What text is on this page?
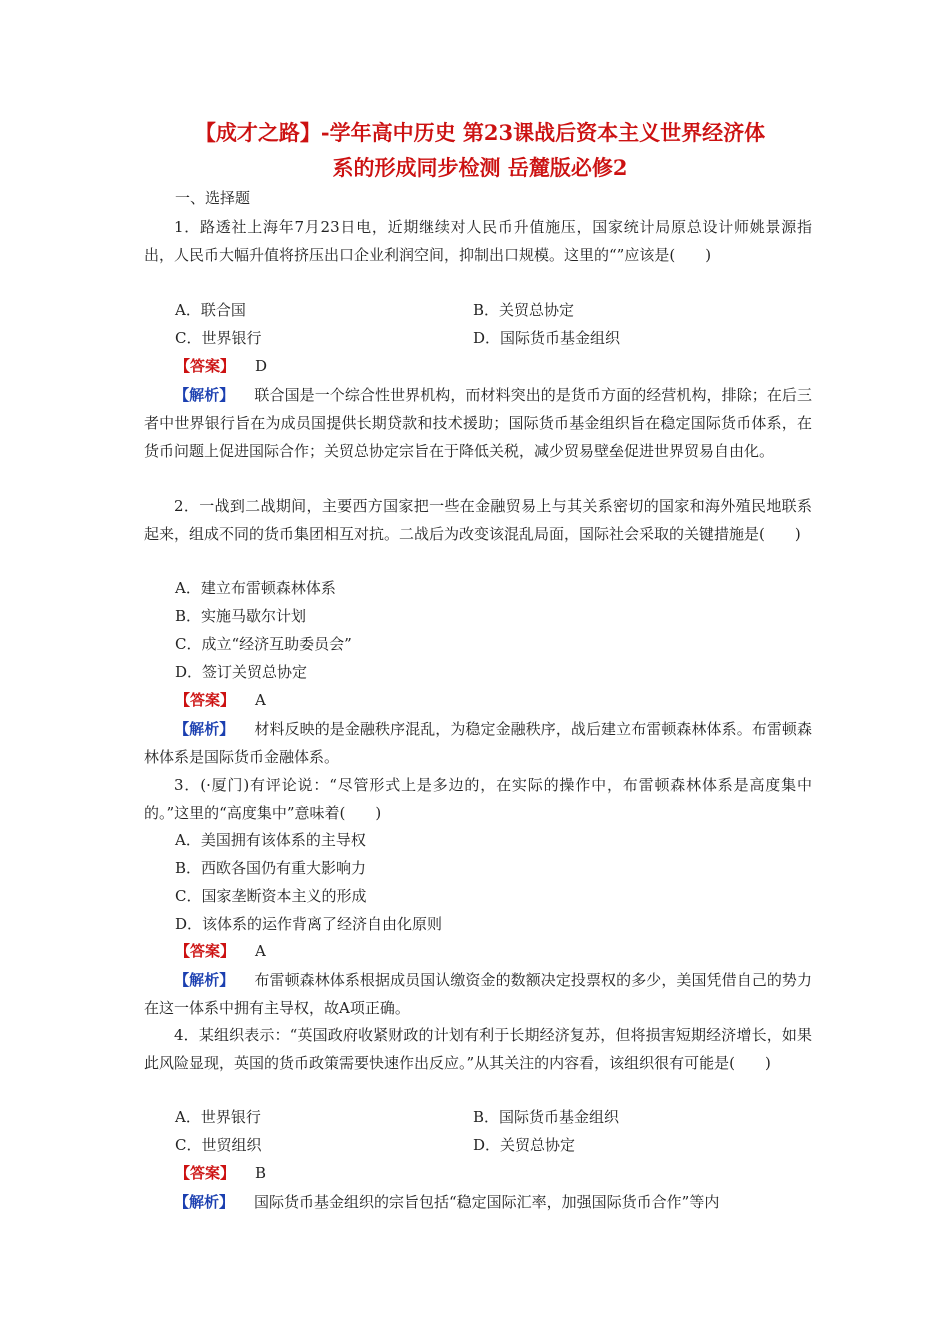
【成才之路】-学年高中历史 第23课战后资本主义世界经济体
系的形成同步检测 岳麓版必修2
一、选择题
1．路透社上海年7月23日电，近期继续对人民币升值施压，国家统计局原总设计师姚景源指出，人民币大幅升值将挤压出口企业利润空间，抑制出口规模。这里的“”应该是(　　)
A．联合国	B．关贸总协定
C．世界银行	D．国际货币基金组织
【答案】 D
【解析】 联合国是一个综合性世界机构，而材料突出的是货币方面的经营机构，排除；在后三者中世界银行旨在为成员国提供长期贷款和技术援助；国际货币基金组织旨在稳定国际货币体系，在货币问题上促进国际合作；关贸总协定宗旨在于降低关税，减少贸易壁垒促进世界贸易自由化。
2．一战到二战期间，主要西方国家把一些在金融贸易上与其关系密切的国家和海外殖民地联系起来，组成不同的货币集团相互对抗。二战后为改变该混乱局面，国际社会采取的关键措施是(　　)
A．建立布雷顿森林体系
B．实施马歇尔计划
C．成立“经济互助委员会”
D．签订关贸总协定
【答案】 A
【解析】 材料反映的是金融秩序混乱，为稳定金融秩序，战后建立布雷顿森林体系。布雷顿森林体系是国际货币金融体系。
3．(·厦门)有评论说：“尽管形式上是多边的，在实际的操作中，布雷顿森林体系是高度集中的。”这里的“高度集中”意味着(　　)
A．美国拥有该体系的主导权
B．西欧各国仍有重大影响力
C．国家垄断资本主义的形成
D．该体系的运作背离了经济自由化原则
【答案】 A
【解析】 布雷顿森林体系根据成员国认缴资金的数额决定投票权的多少，美国凭借自己的势力在这一体系中拥有主导权，故A项正确。
4．某组织表示：“英国政府收紧财政的计划有利于长期经济复苏，但将损害短期经济增长，如果此风险显现，英国的货币政策需要快速作出反应。”从其关注的内容看，该组织很有可能是(　　)
A．世界银行	B．国际货币基金组织
C．世贸组织	D．关贸总协定
【答案】 B
【解析】 国际货币基金组织的宗旨包括“稳定国际汇率，加强国际货币合作”等内
